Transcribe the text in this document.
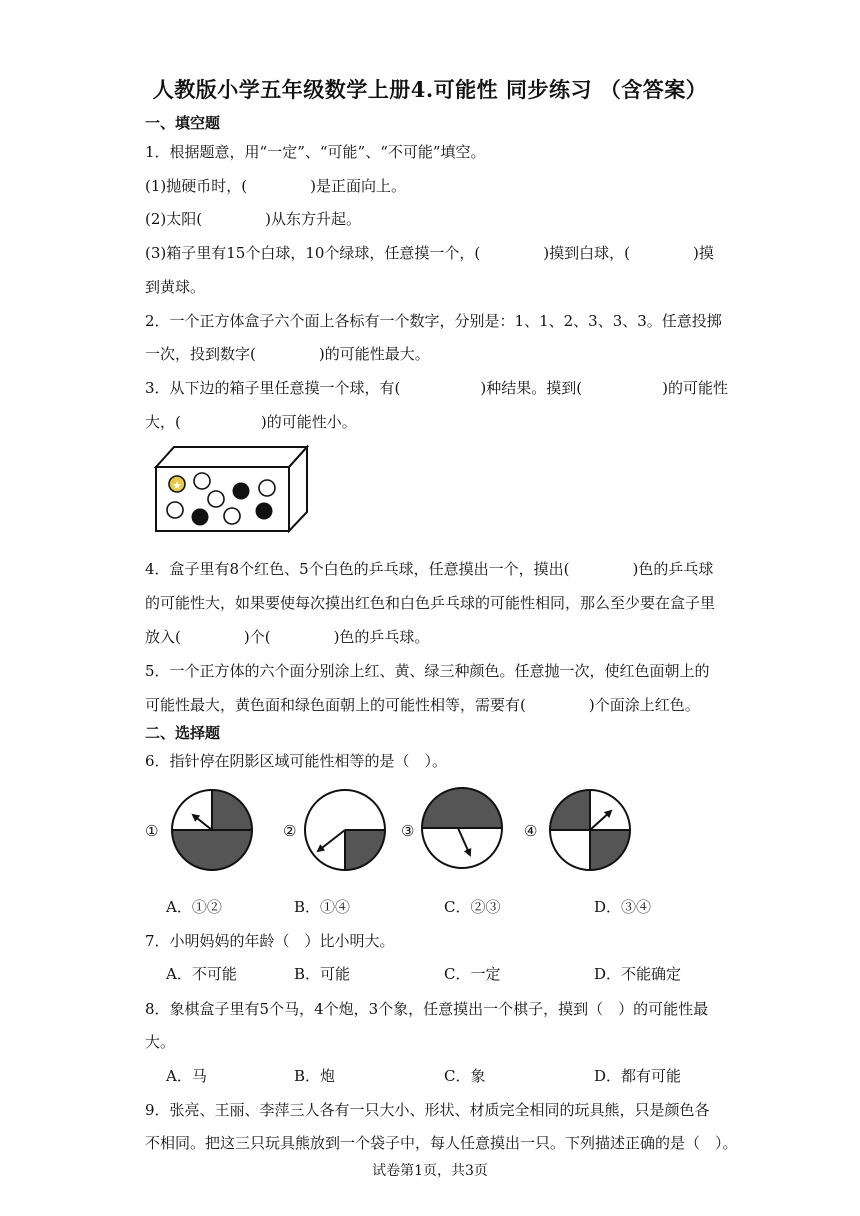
人教版小学五年级数学上册4.可能性 同步练习 （含答案）
一、填空题
1．根据题意，用“一定”、“可能”、“不可能”填空。
(1)抛硬币时，(	)是正面向上。
(2)太阳(	)从东方升起。
(3)箱子里有15个白球，10个绿球，任意摸一个，(	)摸到白球，(	)摸
到黄球。
2．一个正方体盒子六个面上各标有一个数字，分别是：1、1、2、3、3、3。任意投掷
一次，投到数字(	)的可能性最大。
3．从下边的箱子里任意摸一个球，有(	)种结果。摸到(	)的可能性
大，(	)的可能性小。
★
4．盒子里有8个红色、5个白色的乒乓球，任意摸出一个，摸出(	)色的乒乓球
的可能性大，如果要使每次摸出红色和白色乒乓球的可能性相同，那么至少要在盒子里
放入(	)个(	)色的乒乓球。
5．一个正方体的六个面分别涂上红、黄、绿三种颜色。任意抛一次，使红色面朝上的
可能性最大，黄色面和绿色面朝上的可能性相等，需要有(	)个面涂上红色。
二、选择题
6．指针停在阴影区域可能性相等的是（　）。
①	②	③	④
A．①②	B．①④	C．②③	D．③④
7．小明妈妈的年龄（　）比小明大。
A．不可能	B．可能	C．一定	D．不能确定
8．象棋盒子里有5个马，4个炮，3个象，任意摸出一个棋子，摸到（　）的可能性最
大。
A．马	B．炮	C．象	D．都有可能
9．张亮、王丽、李萍三人各有一只大小、形状、材质完全相同的玩具熊，只是颜色各
不相同。把这三只玩具熊放到一个袋子中，每人任意摸出一只。下列描述正确的是（　）。
试卷第1页，共3页
